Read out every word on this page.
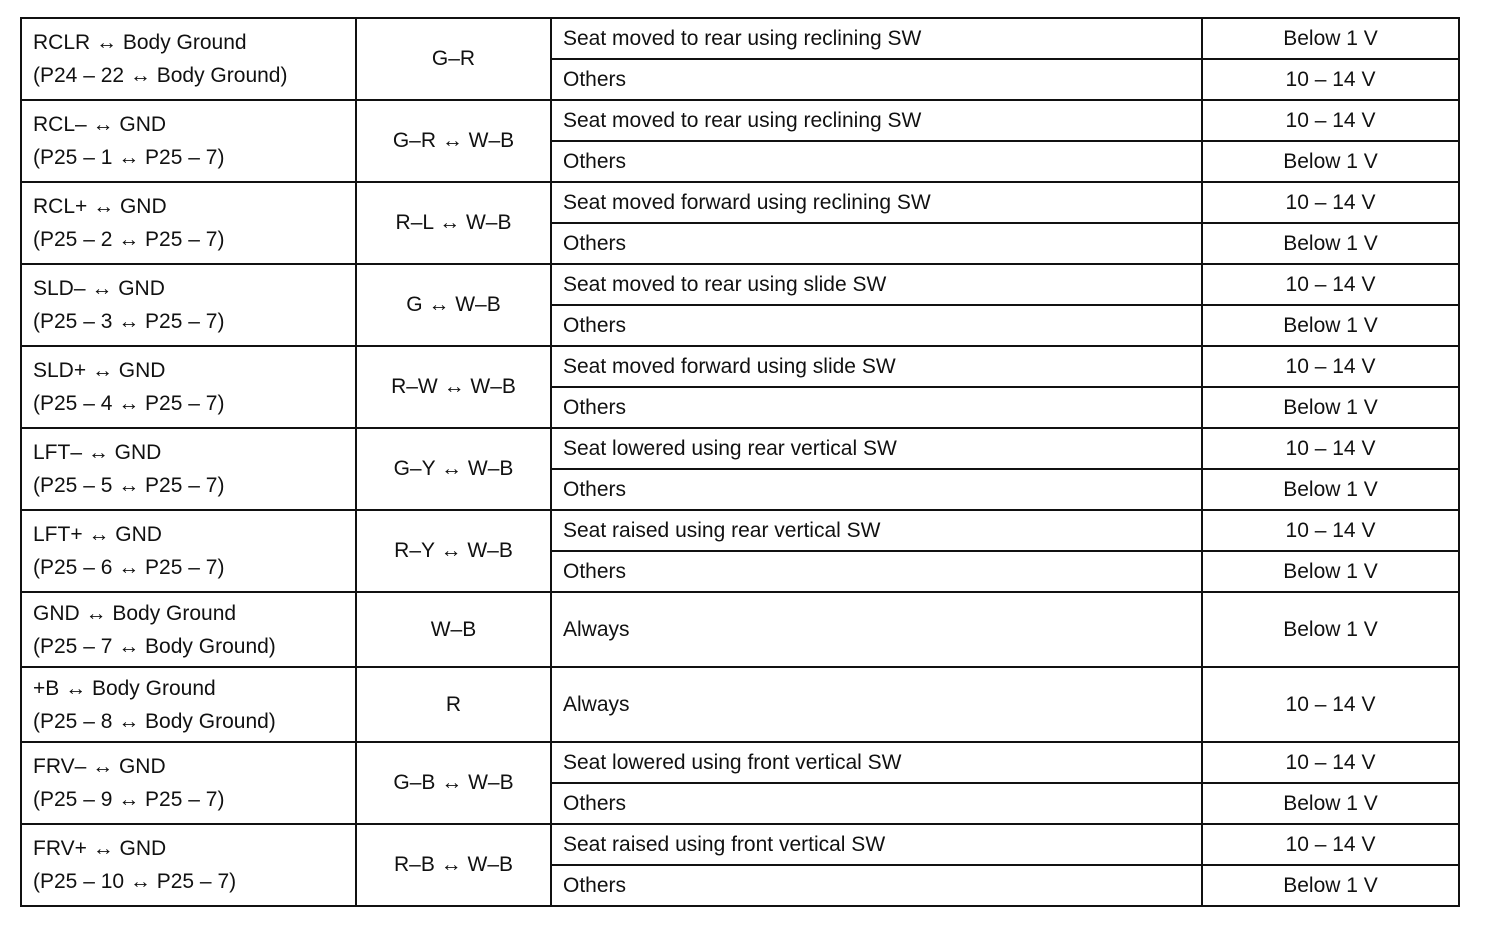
RCLR ↔ Body Ground
(P24 – 22 ↔ Body Ground)	G–R	Seat moved to rear using reclining SW	Below 1 V
		Others	10 – 14 V

RCL– ↔ GND
(P25 – 1 ↔ P25 – 7)	G–R ↔ W–B	Seat moved to rear using reclining SW	10 – 14 V
		Others	Below 1 V

RCL+ ↔ GND
(P25 – 2 ↔ P25 – 7)	R–L ↔ W–B	Seat moved forward using reclining SW	10 – 14 V
		Others	Below 1 V

SLD– ↔ GND
(P25 – 3 ↔ P25 – 7)	G ↔ W–B	Seat moved to rear using slide SW	10 – 14 V
		Others	Below 1 V

SLD+ ↔ GND
(P25 – 4 ↔ P25 – 7)	R–W ↔ W–B	Seat moved forward using slide SW	10 – 14 V
		Others	Below 1 V

LFT– ↔ GND
(P25 – 5 ↔ P25 – 7)	G–Y ↔ W–B	Seat lowered using rear vertical SW	10 – 14 V
		Others	Below 1 V

LFT+ ↔ GND
(P25 – 6 ↔ P25 – 7)	R–Y ↔ W–B	Seat raised using rear vertical SW	10 – 14 V
		Others	Below 1 V

GND ↔ Body Ground
(P25 – 7 ↔ Body Ground)	W–B	Always	Below 1 V

+B ↔ Body Ground
(P25 – 8 ↔ Body Ground)	R	Always	10 – 14 V

FRV– ↔ GND
(P25 – 9 ↔ P25 – 7)	G–B ↔ W–B	Seat lowered using front vertical SW	10 – 14 V
		Others	Below 1 V

FRV+ ↔ GND
(P25 – 10 ↔ P25 – 7)	R–B ↔ W–B	Seat raised using front vertical SW	10 – 14 V
		Others	Below 1 V
